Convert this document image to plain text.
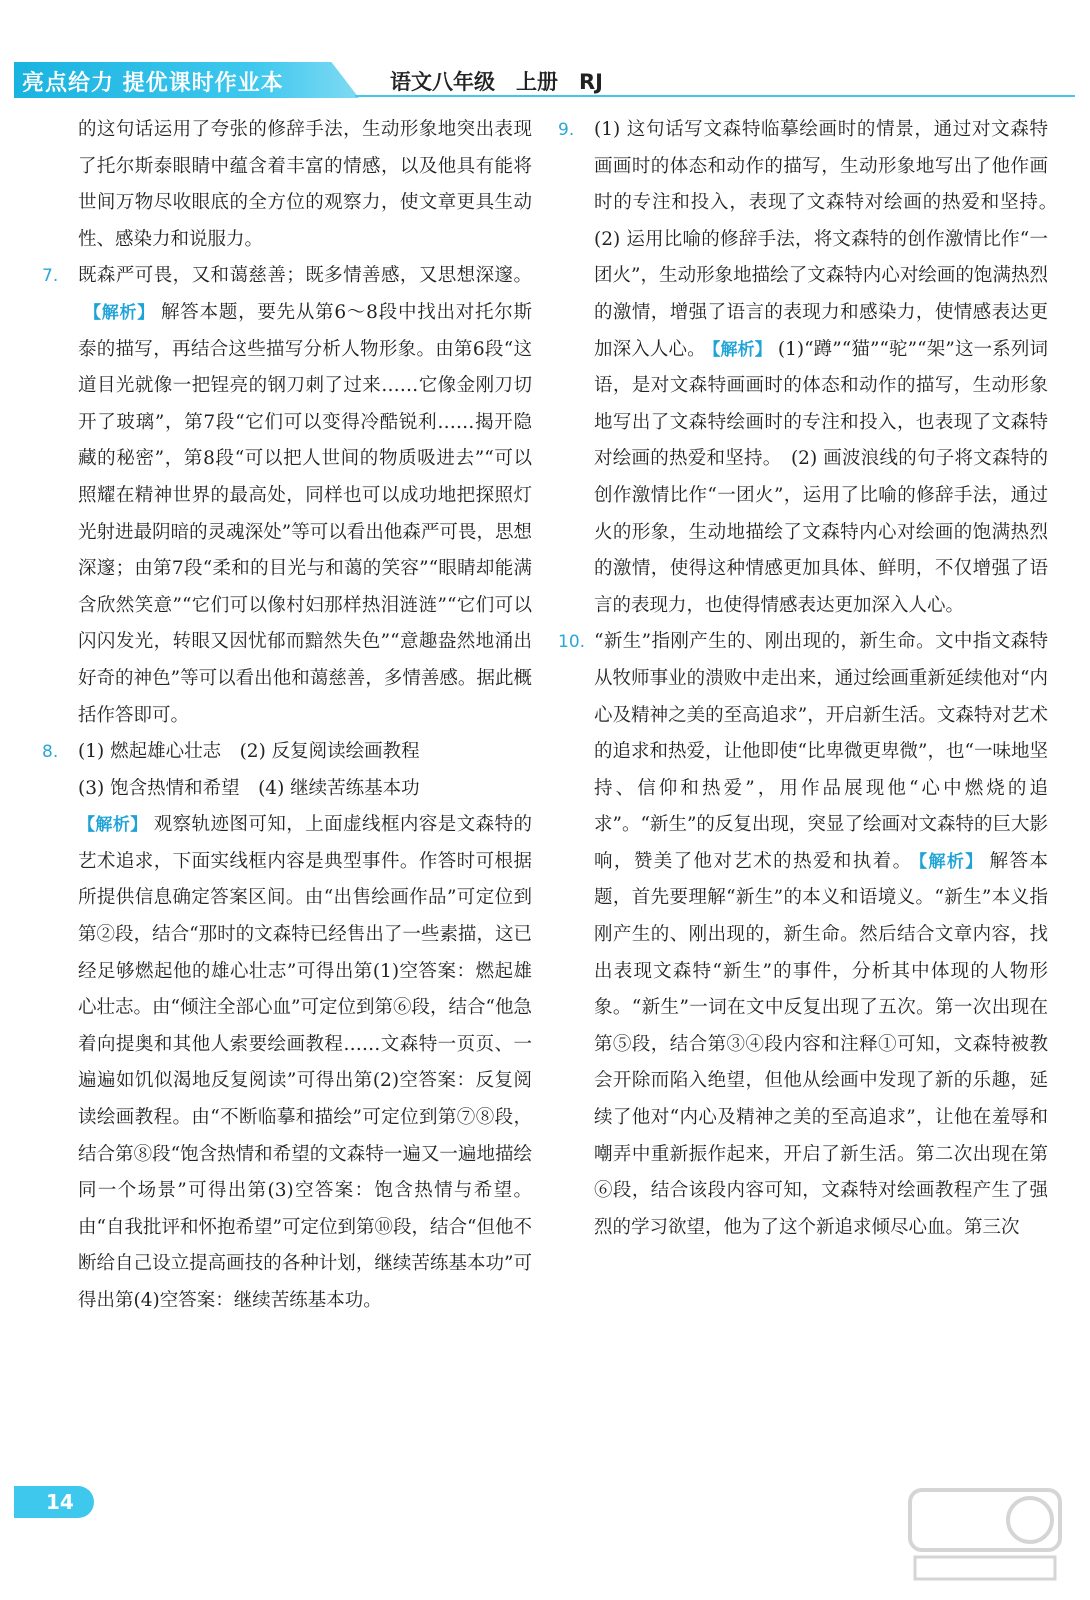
亮点给力 提优课时作业本	语文八年级　上册　RJ
的这句话运用了夸张的修辞手法，生动形象地突出表现了托尔斯泰眼睛中蕴含着丰富的情感，以及他具有能将世间万物尽收眼底的全方位的观察力，使文章更具生动性、感染力和说服力。
7. 既森严可畏，又和蔼慈善；既多情善感，又思想深邃。【解析】 解答本题，要先从第6～8段中找出对托尔斯泰的描写，再结合这些描写分析人物形象。由第6段“这道目光就像一把锃亮的钢刀刺了过来……它像金刚刀切开了玻璃”，第7段“它们可以变得冷酷锐利……揭开隐藏的秘密”，第8段“可以把人世间的物质吸进去”“可以照耀在精神世界的最高处，同样也可以成功地把探照灯光射进最阴暗的灵魂深处”等可以看出他森严可畏，思想深邃；由第7段“柔和的目光与和蔼的笑容”“眼睛却能满含欣然笑意”“它们可以像村妇那样热泪涟涟”“它们可以闪闪发光，转眼又因忧郁而黯然失色”“意趣盎然地涌出好奇的神色”等可以看出他和蔼慈善，多情善感。据此概括作答即可。
8. (1) 燃起雄心壮志　(2) 反复阅读绘画教程
(3) 饱含热情和希望　(4) 继续苦练基本功
【解析】 观察轨迹图可知，上面虚线框内容是文森特的艺术追求，下面实线框内容是典型事件。作答时可根据所提供信息确定答案区间。由“出售绘画作品”可定位到第②段，结合“那时的文森特已经售出了一些素描，这已经足够燃起他的雄心壮志”可得出第(1)空答案：燃起雄心壮志。由“倾注全部心血”可定位到第⑥段，结合“他急着向提奥和其他人索要绘画教程……文森特一页页、一遍遍如饥似渴地反复阅读”可得出第(2)空答案：反复阅读绘画教程。由“不断临摹和描绘”可定位到第⑦⑧段，结合第⑧段“饱含热情和希望的文森特一遍又一遍地描绘同一个场景”可得出第(3)空答案：饱含热情与希望。由“自我批评和怀抱希望”可定位到第⑩段，结合“但他不断给自己设立提高画技的各种计划，继续苦练基本功”可得出第(4)空答案：继续苦练基本功。
9. (1) 这句话写文森特临摹绘画时的情景，通过对文森特画画时的体态和动作的描写，生动形象地写出了他作画时的专注和投入，表现了文森特对绘画的热爱和坚持。　(2) 运用比喻的修辞手法，将文森特的创作激情比作“一团火”，生动形象地描绘了文森特内心对绘画的饱满热烈的激情，增强了语言的表现力和感染力，使情感表达更加深入人心。 【解析】 (1)“蹲”“猫”“驼”“架”这一系列词语，是对文森特画画时的体态和动作的描写，生动形象地写出了文森特绘画时的专注和投入，也表现了文森特对绘画的热爱和坚持。　(2) 画波浪线的句子将文森特的创作激情比作“一团火”，运用了比喻的修辞手法，通过火的形象，生动地描绘了文森特内心对绘画的饱满热烈的激情，使得这种情感更加具体、鲜明，不仅增强了语言的表现力，也使得情感表达更加深入人心。
10. “新生”指刚产生的、刚出现的，新生命。文中指文森特从牧师事业的溃败中走出来，通过绘画重新延续他对“内心及精神之美的至高追求”，开启新生活。文森特对艺术的追求和热爱，让他即使“比卑微更卑微”，也“一味地坚持、信仰和热爱”，用作品展现他“心中燃烧的追求”。“新生”的反复出现，突显了绘画对文森特的巨大影响，赞美了他对艺术的热爱和执着。 【解析】 解答本题，首先要理解“新生”的本义和语境义。“新生”本义指刚产生的、刚出现的，新生命。然后结合文章内容，找出表现文森特“新生”的事件，分析其中体现的人物形象。“新生”一词在文中反复出现了五次。第一次出现在第⑤段，结合第③④段内容和注释①可知，文森特被教会开除而陷入绝望，但他从绘画中发现了新的乐趣，延续了他对“内心及精神之美的至高追求”，让他在羞辱和嘲弄中重新振作起来，开启了新生活。第二次出现在第⑥段，结合该段内容可知，文森特对绘画教程产生了强烈的学习欲望，他为了这个新追求倾尽心血。第三次
14
